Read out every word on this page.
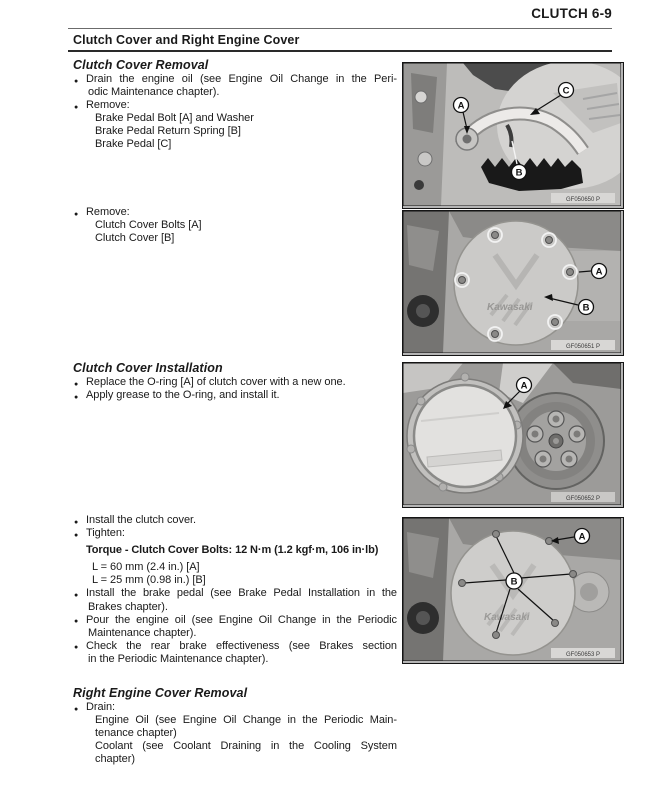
CLUTCH 6-9
Clutch Cover and Right Engine Cover
Clutch Cover Removal
● Drain the engine oil (see Engine Oil Change in the Peri-
odic Maintenance chapter).
● Remove:
Brake Pedal Bolt [A] and Washer
Brake Pedal Return Spring [B]
Brake Pedal [C]
● Remove:
Clutch Cover Bolts [A]
Clutch Cover [B]
Clutch Cover Installation
● Replace the O-ring [A] of clutch cover with a new one.
● Apply grease to the O-ring, and install it.
● Install the clutch cover.
● Tighten:
Torque - Clutch Cover Bolts: 12 N·m (1.2 kgf·m, 106 in·lb)
L = 60 mm (2.4 in.) [A]
L = 25 mm (0.98 in.) [B]
● Install the brake pedal (see Brake Pedal Installation in the
Brakes chapter).
● Pour the engine oil (see Engine Oil Change in the Periodic
Maintenance chapter).
● Check the rear brake effectiveness (see Brakes section
in the Periodic Maintenance chapter).
Right Engine Cover Removal
● Drain:
Engine Oil (see Engine Oil Change in the Periodic Main-
tenance chapter)
Coolant (see Coolant Draining in the Cooling System
chapter)
GF050650 P
A
C
B
Kawasaki
GF050651 P
A
B
GF050652 P
A
Kawasaki
GF050653 P
A
B
